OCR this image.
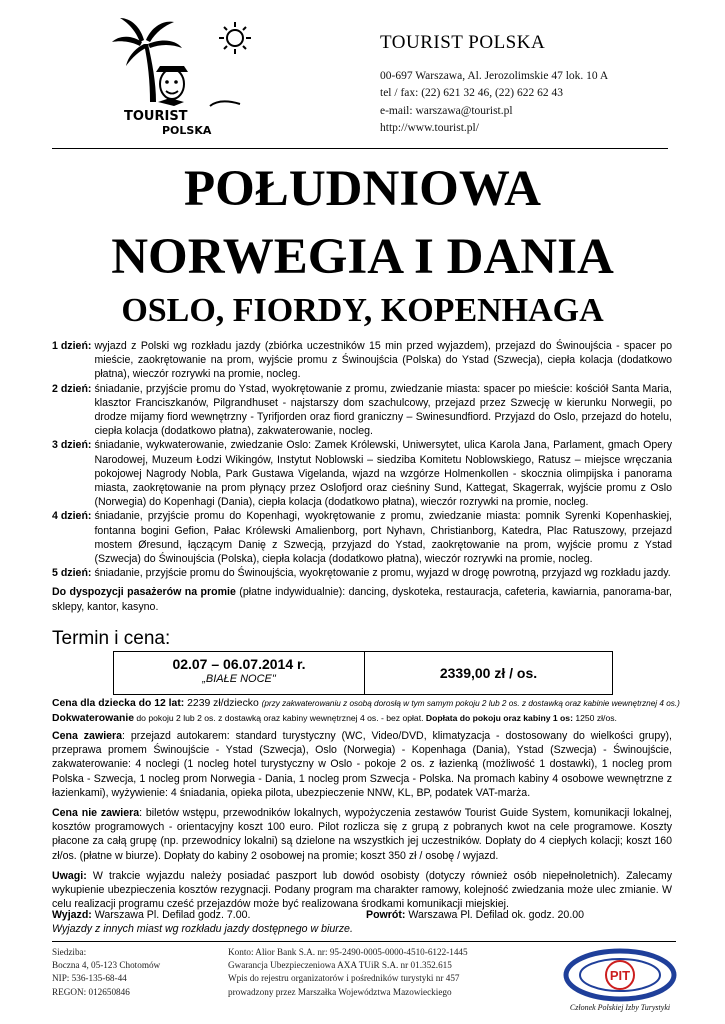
TOURIST
POLSKA
TOURIST POLSKA
00-697 Warszawa, Al. Jerozolimskie 47 lok. 10 A
tel / fax: (22) 621 32 46, (22) 622 62 43
e-mail: warszawa@tourist.pl
http://www.tourist.pl/
POŁUDNIOWA
NORWEGIA I DANIA
OSLO, FIORDY, KOPENHAGA
1 dzień: wyjazd z Polski wg rozkładu jazdy (zbiórka uczestników 15 min przed wyjazdem), przejazd do Świnoujścia - spacer po mieście, zaokrętowanie na prom, wyjście promu z Świnoujścia (Polska) do Ystad (Szwecja), ciepła kolacja (dodatkowo płatna), wieczór rozrywki na promie, nocleg.
2 dzień: śniadanie, przyjście promu do Ystad, wyokrętowanie z promu, zwiedzanie miasta: spacer po mieście: kościół Santa Maria, klasztor Franciszkanów, Pilgrandhuset - najstarszy dom szachulcowy, przejazd przez Szwecję w kierunku Norwegii, po drodze mijamy fiord wewnętrzny - Tyrifjorden oraz fiord graniczny – Swinesundfiord. Przyjazd do Oslo, przejazd do hotelu, ciepła kolacja (dodatkowo płatna), zakwaterowanie, nocleg.
3 dzień: śniadanie, wykwaterowanie, zwiedzanie Oslo: Zamek Królewski, Uniwersytet, ulica Karola Jana, Parlament, gmach Opery Narodowej, Muzeum Łodzi Wikingów, Instytut Noblowski – siedziba Komitetu Noblowskiego, Ratusz – miejsce wręczania pokojowej Nagrody Nobla, Park Gustawa Vigelanda, wjazd na wzgórze Holmenkollen - skocznia olimpijska i panorama miasta, zaokrętowanie na prom płynący przez Oslofjord oraz cieśniny Sund, Kattegat, Skagerrak, wyjście promu z Oslo (Norwegia) do Kopenhagi (Dania), ciepła kolacja (dodatkowo płatna), wieczór rozrywki na promie, nocleg.
4 dzień: śniadanie, przyjście promu do Kopenhagi, wyokrętowanie z promu, zwiedzanie miasta: pomnik Syrenki Kopenhaskiej, fontanna bogini Gefion, Pałac Królewski Amalienborg, port Nyhavn, Christianborg, Katedra, Plac Ratuszowy, przejazd mostem Øresund, łączącym Danię z Szwecją, przyjazd do Ystad, zaokrętowanie na prom, wyjście promu z Ystad (Szwecja) do Świnoujścia (Polska), ciepła kolacja (dodatkowo płatna), wieczór rozrywki na promie, nocleg.
5 dzień: śniadanie, przyjście promu do Świnoujścia, wyokrętowanie z promu, wyjazd w drogę powrotną, przyjazd wg rozkładu jazdy.
Do dyspozycji pasażerów na promie (płatne indywidualnie): dancing, dyskoteka, restauracja, cafeteria, kawiarnia, panorama-bar, sklepy, kantor, kasyno.
Termin i cena:
02.07 – 06.07.2014 r.
„BIAŁE NOCE"	2339,00 zł / os.
Cena dla dziecka do 12 lat: 2239 zł/dziecko (przy zakwaterowaniu z osobą dorosłą w tym samym pokoju 2 lub 2 os. z dostawką oraz kabinie wewnętrznej 4 os.)
Dokwaterowanie do pokoju 2 lub 2 os. z dostawką oraz kabiny wewnętrznej 4 os. - bez opłat. Dopłata do pokoju oraz kabiny 1 os: 1250 zł/os.
Cena zawiera: przejazd autokarem: standard turystyczny (WC, Video/DVD, klimatyzacja - dostosowany do wielkości grupy), przeprawa promem Świnoujście - Ystad (Szwecja), Oslo (Norwegia) - Kopenhaga (Dania), Ystad (Szwecja) - Świnoujście, zakwaterowanie: 4 noclegi (1 nocleg hotel turystyczny w Oslo - pokoje 2 os. z łazienką (możliwość 1 dostawki), 1 nocleg prom Polska - Szwecja, 1 nocleg prom Norwegia - Dania, 1 nocleg prom Szwecja - Polska. Na promach kabiny 4 osobowe wewnętrzne z łazienkami), wyżywienie: 4 śniadania, opieka pilota, ubezpieczenie NNW, KL, BP, podatek VAT-marża.
Cena nie zawiera: biletów wstępu, przewodników lokalnych, wypożyczenia zestawów Tourist Guide System, komunikacji lokalnej, kosztów programowych - orientacyjny koszt 100 euro. Pilot rozlicza się z grupą z pobranych kwot na cele programowe. Koszty płacone za całą grupę (np. przewodnicy lokalni) są dzielone na wszystkich jej uczestników. Dopłaty do 4 ciepłych kolacji; koszt 160 zł/os. (płatne w biurze). Dopłaty do kabiny 2 osobowej na promie; koszt 350 zł / osobę / wyjazd.
Uwagi: W trakcie wyjazdu należy posiadać paszport lub dowód osobisty (dotyczy również osób niepełnoletnich). Zalecamy wykupienie ubezpieczenia kosztów rezygnacji. Podany program ma charakter ramowy, kolejność zwiedzania może ulec zmianie. W celu realizacji programu cześć przejazdów może być realizowana środkami komunikacji miejskiej.
Wyjazd: Warszawa Pl. Defilad godz. 7.00.	Powrót: Warszawa Pl. Defilad ok. godz. 20.00
Wyjazdy z innych miast wg rozkładu jazdy dostępnego w biurze.
Siedziba:
Boczna 4, 05-123 Chotomów
NIP: 536-135-68-44
REGON: 012650846
Konto: Alior Bank S.A. nr: 95-2490-0005-0000-4510-6122-1445
Gwarancja Ubezpieczeniowa AXA TUiR S.A. nr 01.352.615
Wpis do rejestru organizatorów i pośredników turystyki nr 457
prowadzony przez Marszałka Województwa Mazowieckiego
PIT
Członek Polskiej Izby Turystyki
